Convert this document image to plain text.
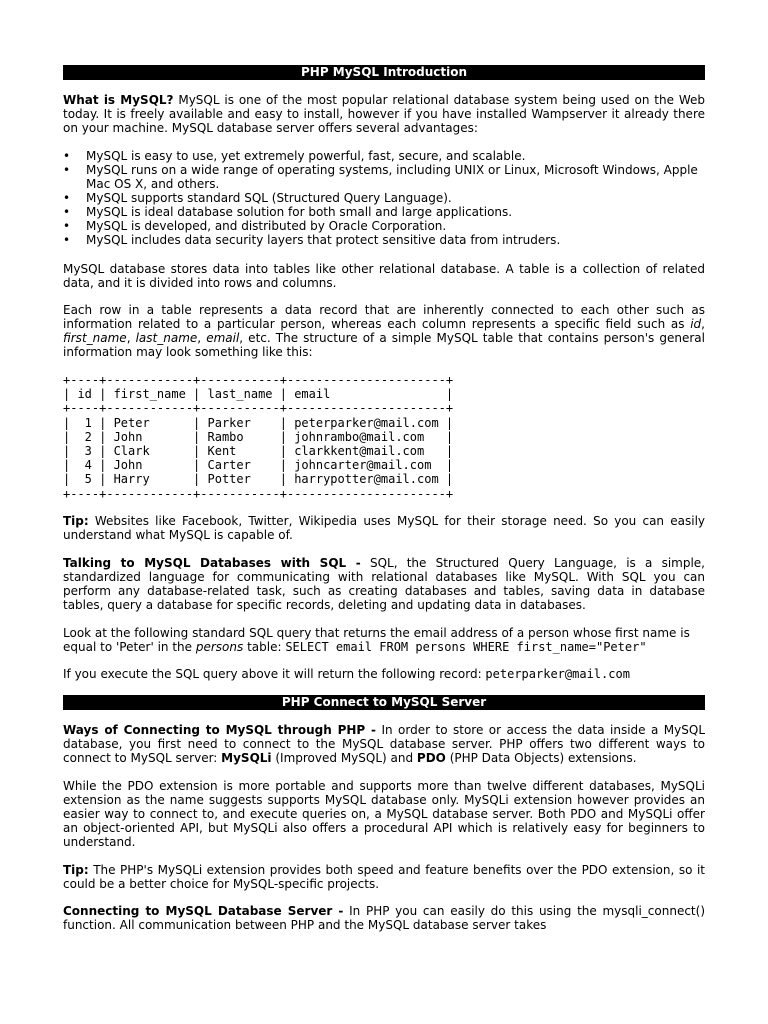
PHP MySQL Introduction

What is MySQL? MySQL is one of the most popular relational database system being used on the Web today. It is freely available and easy to install, however if you have installed Wampserver it already there on your machine. MySQL database server offers several advantages:

• MySQL is easy to use, yet extremely powerful, fast, secure, and scalable.
• MySQL runs on a wide range of operating systems, including UNIX or Linux, Microsoft Windows, Apple Mac OS X, and others.
• MySQL supports standard SQL (Structured Query Language).
• MySQL is ideal database solution for both small and large applications.
• MySQL is developed, and distributed by Oracle Corporation.
• MySQL includes data security layers that protect sensitive data from intruders.

MySQL database stores data into tables like other relational database. A table is a collection of related data, and it is divided into rows and columns.

Each row in a table represents a data record that are inherently connected to each other such as information related to a particular person, whereas each column represents a specific field such as id, first_name, last_name, email, etc. The structure of a simple MySQL table that contains person's general information may look something like this:

+----+------------+-----------+----------------------+
| id | first_name | last_name | email                |
+----+------------+-----------+----------------------+
|  1 | Peter      | Parker    | peterparker@mail.com |
|  2 | John       | Rambo     | johnrambo@mail.com   |
|  3 | Clark      | Kent      | clarkkent@mail.com   |
|  4 | John       | Carter    | johncarter@mail.com  |
|  5 | Harry      | Potter    | harrypotter@mail.com |
+----+------------+-----------+----------------------+

Tip: Websites like Facebook, Twitter, Wikipedia uses MySQL for their storage need. So you can easily understand what MySQL is capable of.

Talking to MySQL Databases with SQL - SQL, the Structured Query Language, is a simple, standardized language for communicating with relational databases like MySQL. With SQL you can perform any database-related task, such as creating databases and tables, saving data in database tables, query a database for specific records, deleting and updating data in databases.

Look at the following standard SQL query that returns the email address of a person whose first name is equal to 'Peter' in the persons table: SELECT email FROM persons WHERE first_name="Peter"

If you execute the SQL query above it will return the following record: peterparker@mail.com

PHP Connect to MySQL Server

Ways of Connecting to MySQL through PHP - In order to store or access the data inside a MySQL database, you first need to connect to the MySQL database server. PHP offers two different ways to connect to MySQL server: MySQLi (Improved MySQL) and PDO (PHP Data Objects) extensions.

While the PDO extension is more portable and supports more than twelve different databases, MySQLi extension as the name suggests supports MySQL database only. MySQLi extension however provides an easier way to connect to, and execute queries on, a MySQL database server. Both PDO and MySQLi offer an object-oriented API, but MySQLi also offers a procedural API which is relatively easy for beginners to understand.

Tip: The PHP's MySQLi extension provides both speed and feature benefits over the PDO extension, so it could be a better choice for MySQL-specific projects.

Connecting to MySQL Database Server - In PHP you can easily do this using the mysqli_connect() function. All communication between PHP and the MySQL database server takes
